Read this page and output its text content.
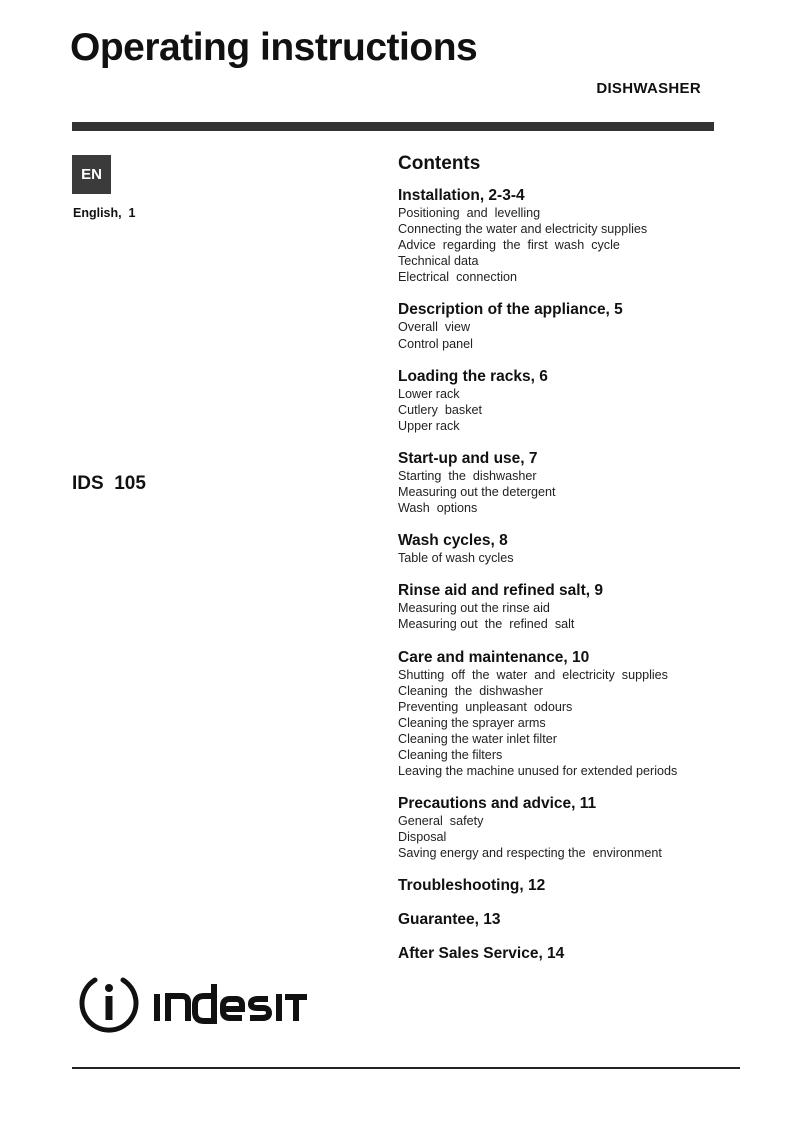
Operating instructions
DISHWASHER
EN
English,  1
IDS  105
Contents
Installation, 2-3-4
Positioning  and  levelling
Connecting the water and electricity supplies
Advice  regarding  the  first  wash  cycle
Technical data
Electrical  connection
Description of the appliance, 5
Overall  view
Control panel
Loading the racks, 6
Lower rack
Cutlery  basket
Upper rack
Start-up and use, 7
Starting  the  dishwasher
Measuring out the detergent
Wash  options
Wash cycles, 8
Table of wash cycles
Rinse aid and refined salt, 9
Measuring out the rinse aid
Measuring out  the  refined  salt
Care and maintenance, 10
Shutting  off  the  water  and  electricity  supplies
Cleaning  the  dishwasher
Preventing  unpleasant  odours
Cleaning the sprayer arms
Cleaning the water inlet filter
Cleaning the filters
Leaving the machine unused for extended periods
Precautions and advice, 11
General  safety
Disposal
Saving energy and respecting the  environment
Troubleshooting, 12
Guarantee, 13
After Sales Service, 14
